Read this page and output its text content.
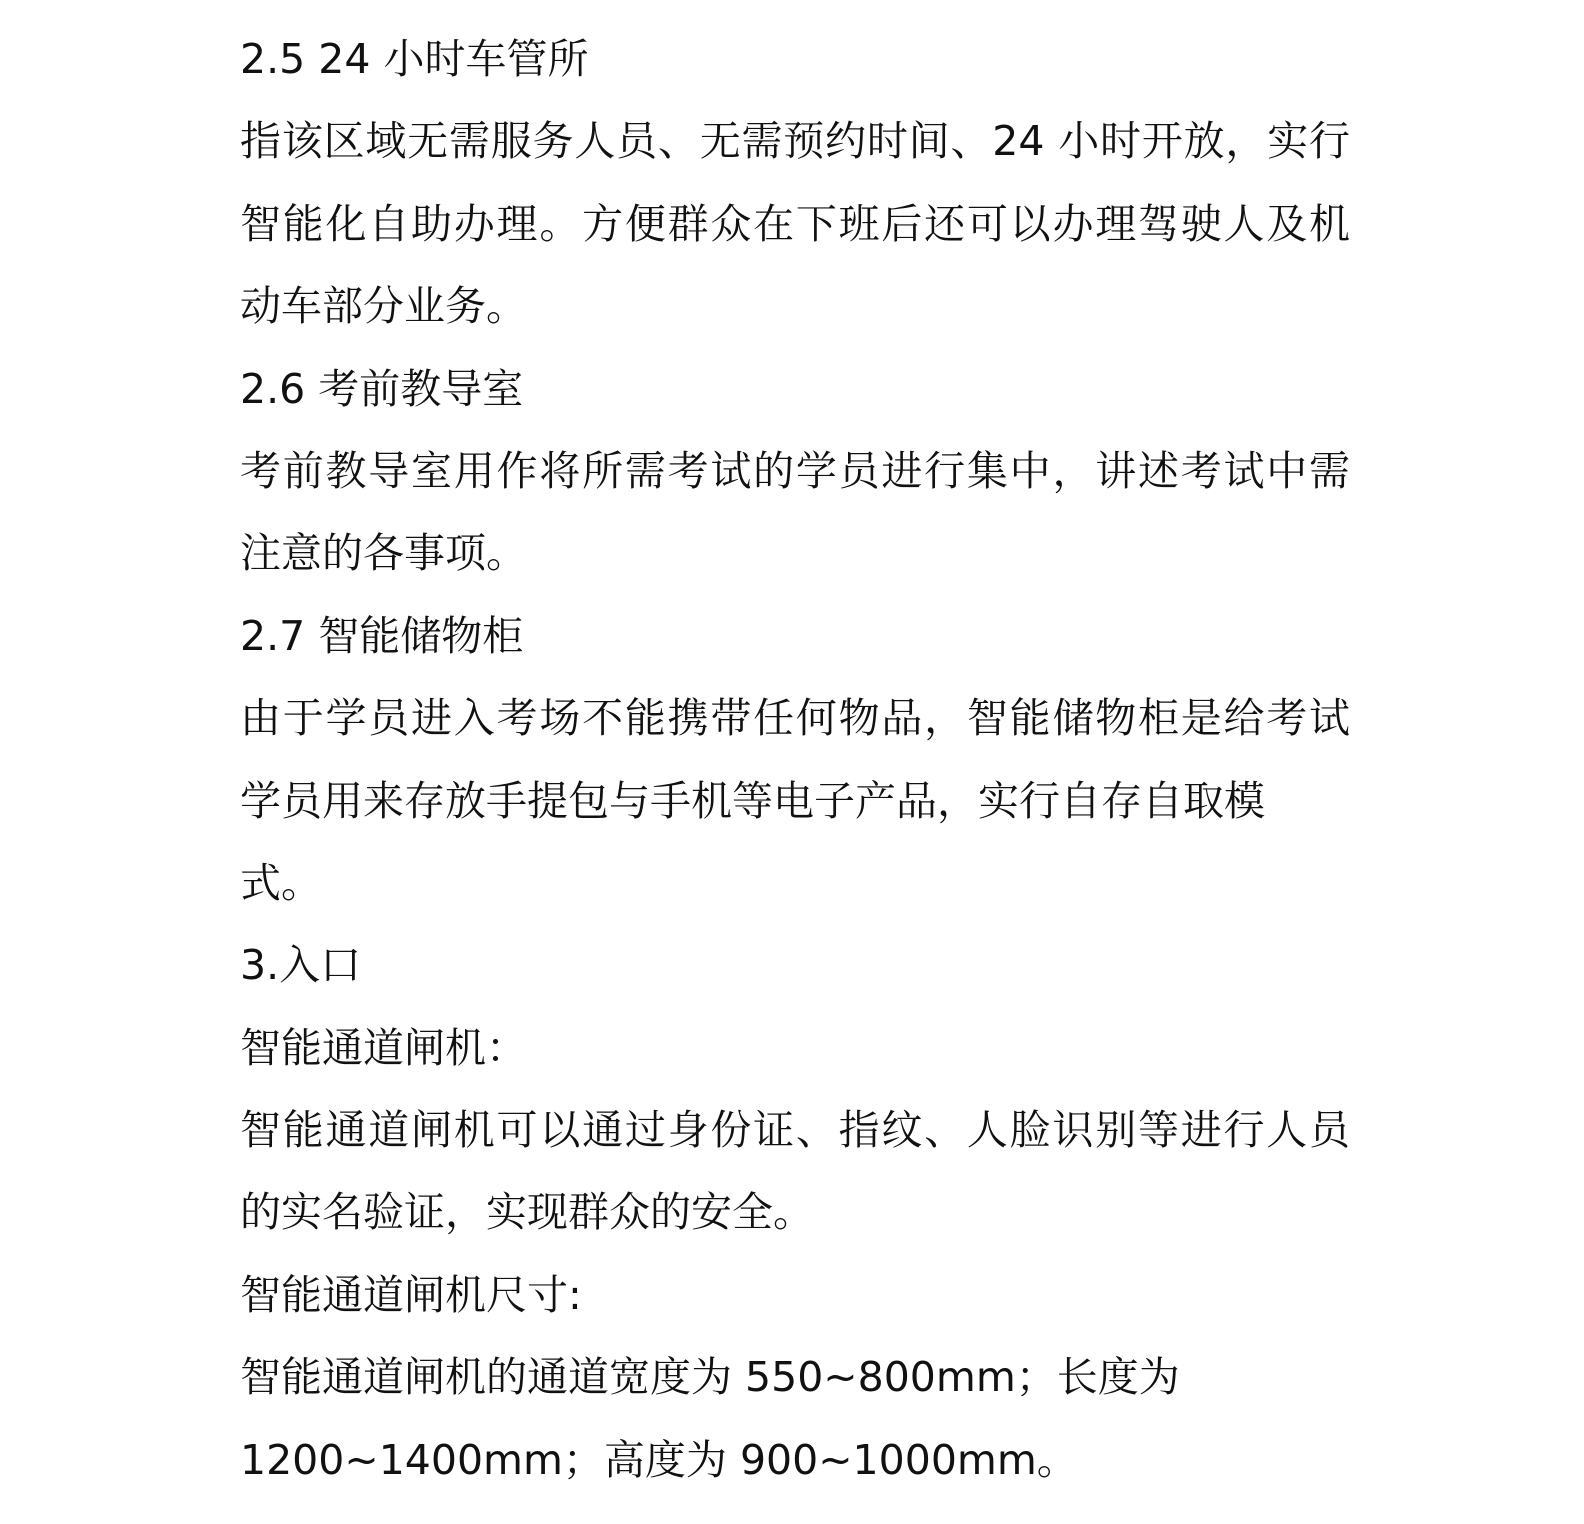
2.5 24 小时车管所
指该区域无需服务人员、无需预约时间、24 小时开放，实行
智能化自助办理。方便群众在下班后还可以办理驾驶人及机
动车部分业务。
2.6 考前教导室
考前教导室用作将所需考试的学员进行集中，讲述考试中需
注意的各事项。
2.7 智能储物柜
由于学员进入考场不能携带任何物品，智能储物柜是给考试
学员用来存放手提包与手机等电子产品，实行自存自取模
式。
3.入口
智能通道闸机：
智能通道闸机可以通过身份证、指纹、人脸识别等进行人员
的实名验证，实现群众的安全。
智能通道闸机尺寸:
智能通道闸机的通道宽度为 550~800mm；长度为
1200~1400mm；高度为 900~1000mm。
